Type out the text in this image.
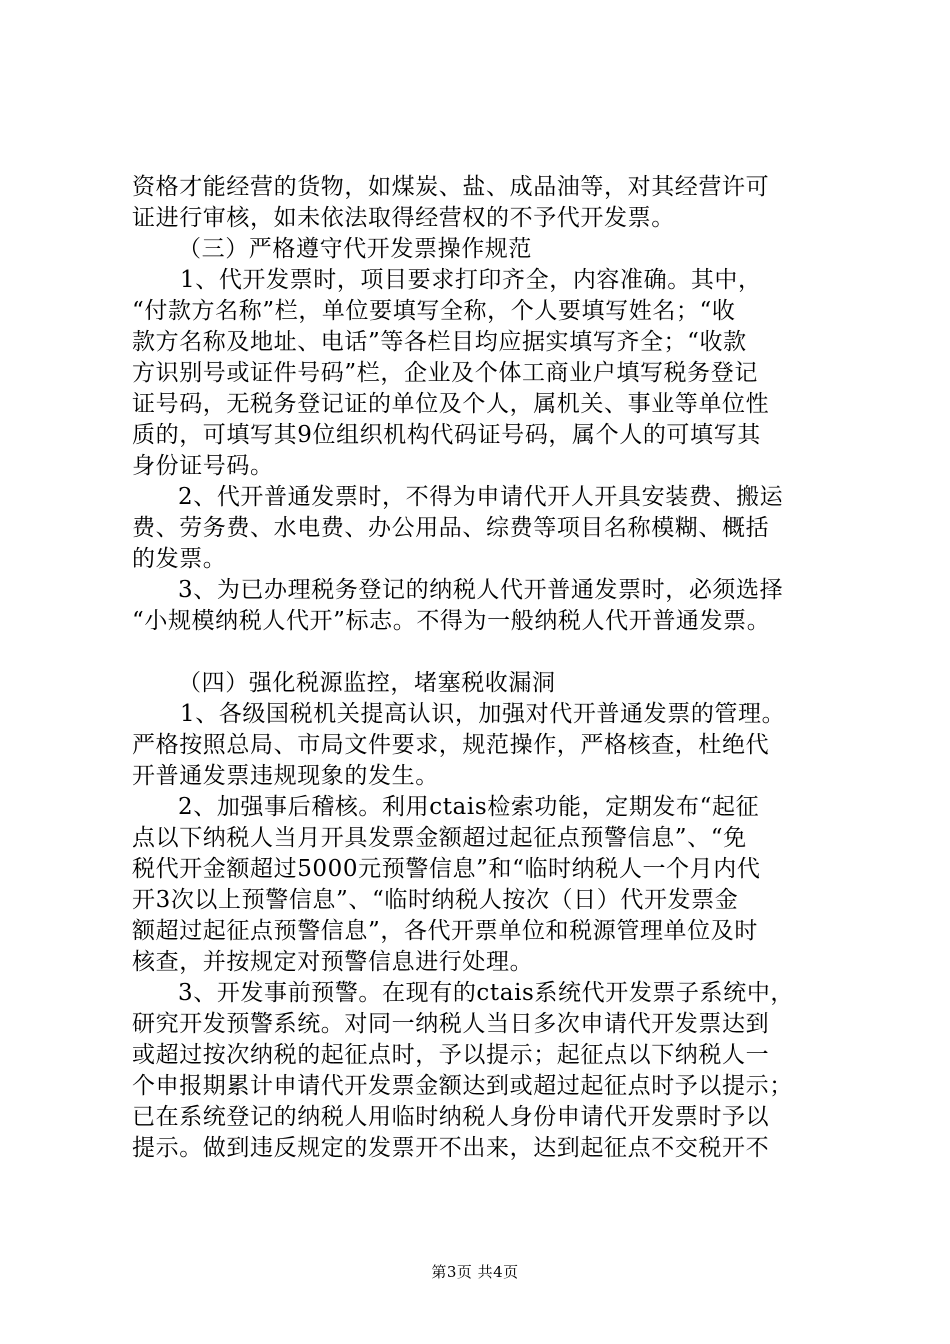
资格才能经营的货物，如煤炭、盐、成品油等，对其经营许可
证进行审核，如未依法取得经营权的不予代开发票。
（三）严格遵守代开发票操作规范
1、代开发票时，项目要求打印齐全，内容准确。其中，
“付款方名称”栏，单位要填写全称，个人要填写姓名；“收
款方名称及地址、电话”等各栏目均应据实填写齐全；“收款
方识别号或证件号码”栏，企业及个体工商业户填写税务登记
证号码，无税务登记证的单位及个人，属机关、事业等单位性
质的，可填写其9位组织机构代码证号码，属个人的可填写其
身份证号码。
2、代开普通发票时，不得为申请代开人开具安装费、搬运
费、劳务费、水电费、办公用品、综费等项目名称模糊、概括
的发票。
3、为已办理税务登记的纳税人代开普通发票时，必须选择
“小规模纳税人代开”标志。不得为一般纳税人代开普通发票。
（四）强化税源监控，堵塞税收漏洞
1、各级国税机关提高认识，加强对代开普通发票的管理。
严格按照总局、市局文件要求，规范操作，严格核查，杜绝代
开普通发票违规现象的发生。
2、加强事后稽核。利用ctais检索功能，定期发布“起征
点以下纳税人当月开具发票金额超过起征点预警信息”、“免
税代开金额超过5000元预警信息”和“临时纳税人一个月内代
开3次以上预警信息”、“临时纳税人按次（日）代开发票金
额超过起征点预警信息”，各代开票单位和税源管理单位及时
核查，并按规定对预警信息进行处理。
3、开发事前预警。在现有的ctais系统代开发票子系统中，
研究开发预警系统。对同一纳税人当日多次申请代开发票达到
或超过按次纳税的起征点时，予以提示；起征点以下纳税人一
个申报期累计申请代开发票金额达到或超过起征点时予以提示；
已在系统登记的纳税人用临时纳税人身份申请代开发票时予以
提示。做到违反规定的发票开不出来，达到起征点不交税开不
第3页 共4页
